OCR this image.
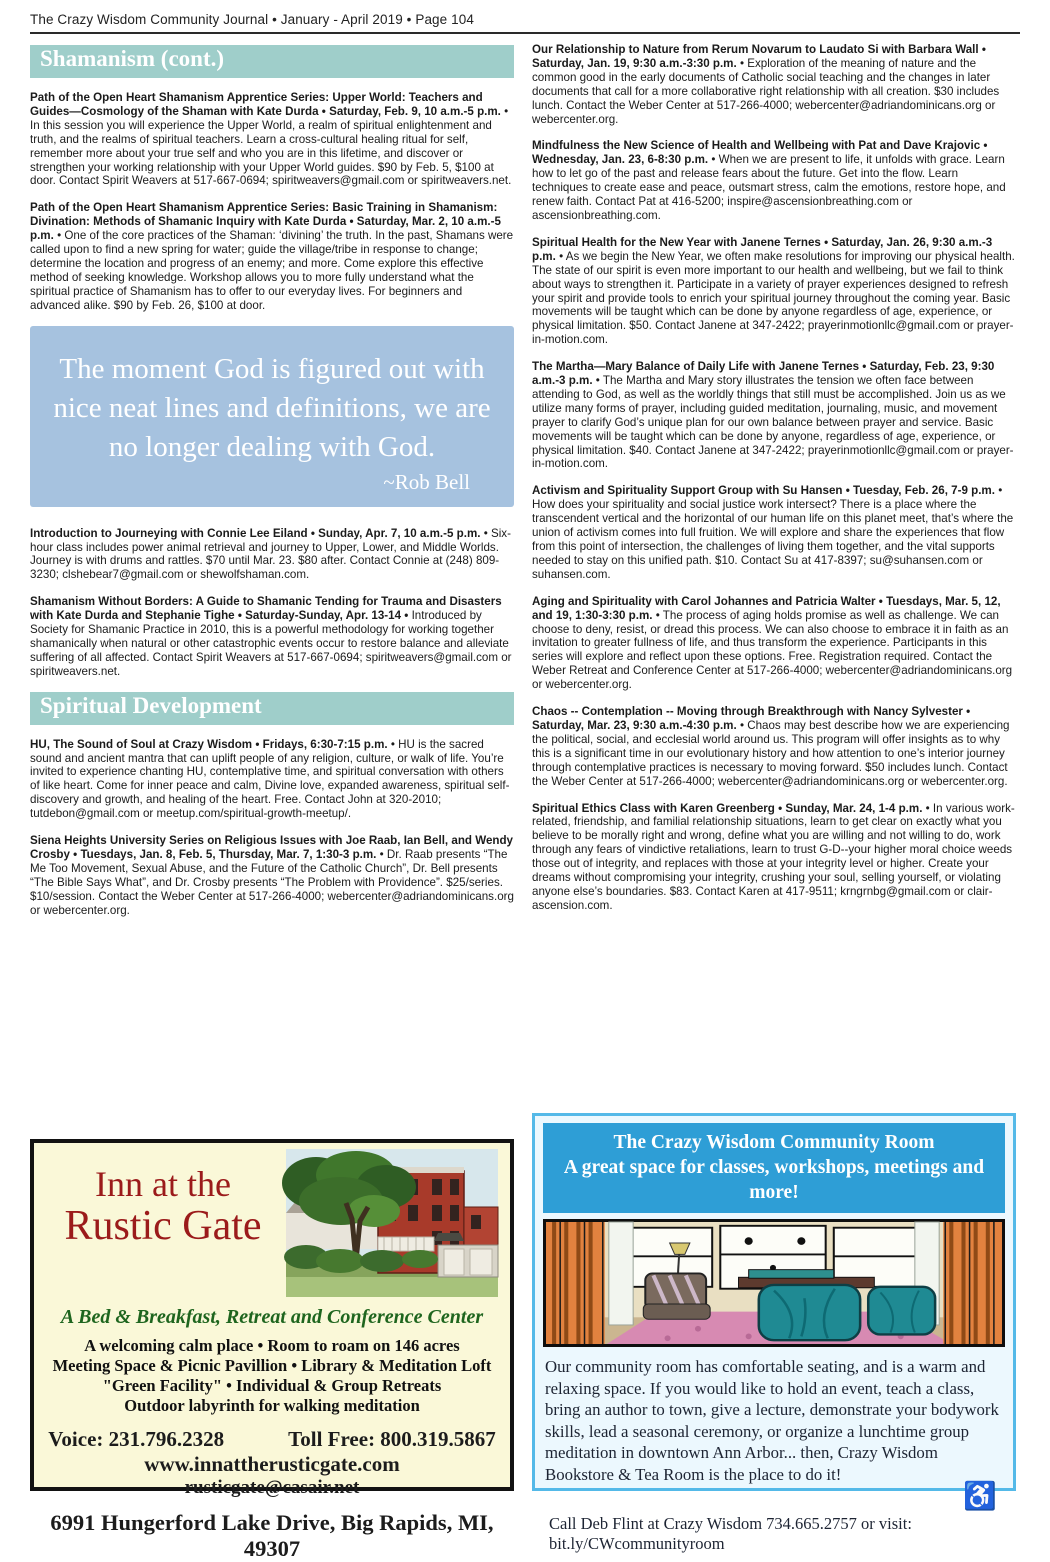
The Crazy Wisdom Community Journal • January - April 2019 • Page 104
Shamanism (cont.)

Path of the Open Heart Shamanism Apprentice Series: Upper World: Teachers and Guides—Cosmology of the Shaman with Kate Durda • Saturday, Feb. 9, 10 a.m.-5 p.m. • In this session you will experience the Upper World, a realm of spiritual enlightenment and truth, and the realms of spiritual teachers. Learn a cross-cultural healing ritual for self, remember more about your true self and who you are in this lifetime, and discover or strengthen your working relationship with your Upper World guides. $90 by Feb. 5, $100 at door. Contact Spirit Weavers at 517-667-0694; spiritweavers@gmail.com or spiritweavers.net.

Path of the Open Heart Shamanism Apprentice Series: Basic Training in Shamanism: Divination: Methods of Shamanic Inquiry with Kate Durda • Saturday, Mar. 2, 10 a.m.-5 p.m. • One of the core practices of the Shaman: ‘divining’ the truth. In the past, Shamans were called upon to find a new spring for water; guide the village/tribe in response to change; determine the location and progress of an enemy; and more. Come explore this effective method of seeking knowledge. Workshop allows you to more fully understand what the spiritual practice of Shamanism has to offer to our everyday lives. For beginners and advanced alike. $90 by Feb. 26, $100 at door.

The moment God is figured out with nice neat lines and definitions, we are no longer dealing with God.
~Rob Bell

Introduction to Journeying with Connie Lee Eiland • Sunday, Apr. 7, 10 a.m.-5 p.m. • Six-hour class includes power animal retrieval and journey to Upper, Lower, and Middle Worlds. Journey is with drums and rattles. $70 until Mar. 23. $80 after. Contact Connie at (248) 809-3230; clshebear7@gmail.com or shewolfshaman.com.

Shamanism Without Borders: A Guide to Shamanic Tending for Trauma and Disasters with Kate Durda and Stephanie Tighe • Saturday-Sunday, Apr. 13-14 • Introduced by Society for Shamanic Practice in 2010, this is a powerful methodology for working together shamanically when natural or other catastrophic events occur to restore balance and alleviate suffering of all affected. Contact Spirit Weavers at 517-667-0694; spiritweavers@gmail.com or spiritweavers.net.

Spiritual Development

HU, The Sound of Soul at Crazy Wisdom • Fridays, 6:30-7:15 p.m. • HU is the sacred sound and ancient mantra that can uplift people of any religion, culture, or walk of life. You’re invited to experience chanting HU, contemplative time, and spiritual conversation with others of like heart. Come for inner peace and calm, Divine love, expanded awareness, spiritual self-discovery and growth, and healing of the heart. Free. Contact John at 320-2010; tutdebon@gmail.com or meetup.com/spiritual-growth-meetup/.

Siena Heights University Series on Religious Issues with Joe Raab, Ian Bell, and Wendy Crosby • Tuesdays, Jan. 8, Feb. 5, Thursday, Mar. 7, 1:30-3 p.m. • Dr. Raab presents “The Me Too Movement, Sexual Abuse, and the Future of the Catholic Church”, Dr. Bell presents “The Bible Says What”, and Dr. Crosby presents “The Problem with Providence”. $25/series. $10/session. Contact the Weber Center at 517-266-4000; webercenter@adriandominicans.org or webercenter.org.

Inn at the
Rustic Gate
A Bed & Breakfast, Retreat and Conference Center
A welcoming calm place • Room to roam on 146 acres
Meeting Space & Picnic Pavillion • Library & Meditation Loft
"Green Facility" • Individual & Group Retreats
Outdoor labyrinth for walking meditation
Voice: 231.796.2328	Toll Free: 800.319.5867
www.innattherusticgate.com
rusticgate@casair.net
6991 Hungerford Lake Drive, Big Rapids, MI, 49307

Our Relationship to Nature from Rerum Novarum to Laudato Si with Barbara Wall • Saturday, Jan. 19, 9:30 a.m.-3:30 p.m. • Exploration of the meaning of nature and the common good in the early documents of Catholic social teaching and the changes in later documents that call for a more collaborative right relationship with all creation. $30 includes lunch. Contact the Weber Center at 517-266-4000; webercenter@adriandominicans.org or webercenter.org.

Mindfulness the New Science of Health and Wellbeing with Pat and Dave Krajovic • Wednesday, Jan. 23, 6-8:30 p.m. • When we are present to life, it unfolds with grace. Learn how to let go of the past and release fears about the future. Get into the flow. Learn techniques to create ease and peace, outsmart stress, calm the emotions, restore hope, and renew faith. Contact Pat at 416-5200; inspire@ascensionbreathing.com or ascensionbreathing.com.

Spiritual Health for the New Year with Janene Ternes • Saturday, Jan. 26, 9:30 a.m.-3 p.m. • As we begin the New Year, we often make resolutions for improving our physical health. The state of our spirit is even more important to our health and wellbeing, but we fail to think about ways to strengthen it. Participate in a variety of prayer experiences designed to refresh your spirit and provide tools to enrich your spiritual journey throughout the coming year. Basic movements will be taught which can be done by anyone regardless of age, experience, or physical limitation. $50. Contact Janene at 347-2422; prayerinmotionllc@gmail.com or prayer-in-motion.com.

The Martha—Mary Balance of Daily Life with Janene Ternes • Saturday, Feb. 23, 9:30 a.m.-3 p.m. • The Martha and Mary story illustrates the tension we often face between attending to God, as well as the worldly things that still must be accomplished. Join us as we utilize many forms of prayer, including guided meditation, journaling, music, and movement prayer to clarify God’s unique plan for our own balance between prayer and service. Basic movements will be taught which can be done by anyone, regardless of age, experience, or physical limitation. $40. Contact Janene at 347-2422; prayerinmotionllc@gmail.com or prayer-in-motion.com.

Activism and Spirituality Support Group with Su Hansen • Tuesday, Feb. 26, 7-9 p.m. • How does your spirituality and social justice work intersect? There is a place where the transcendent vertical and the horizontal of our human life on this planet meet, that’s where the union of activism comes into full fruition. We will explore and share the experiences that flow from this point of intersection, the challenges of living them together, and the vital supports needed to stay on this unified path. $10. Contact Su at 417-8397; su@suhansen.com or suhansen.com.

Aging and Spirituality with Carol Johannes and Patricia Walter • Tuesdays, Mar. 5, 12, and 19, 1:30-3:30 p.m. • The process of aging holds promise as well as challenge. We can choose to deny, resist, or dread this process. We can also choose to embrace it in faith as an invitation to greater fullness of life, and thus transform the experience. Participants in this series will explore and reflect upon these options. Free. Registration required. Contact the Weber Retreat and Conference Center at 517-266-4000; webercenter@adriandominicans.org or webercenter.org.

Chaos -- Contemplation -- Moving through Breakthrough with Nancy Sylvester • Saturday, Mar. 23, 9:30 a.m.-4:30 p.m. • Chaos may best describe how we are experiencing the political, social, and ecclesial world around us. This program will offer insights as to why this is a significant time in our evolutionary history and how attention to one’s interior journey through contemplative practices is necessary to moving forward. $50 includes lunch. Contact the Weber Center at 517-266-4000; webercenter@adriandominicans.org or webercenter.org.

Spiritual Ethics Class with Karen Greenberg • Sunday, Mar. 24, 1-4 p.m. • In various work-related, friendship, and familial relationship situations, learn to get clear on exactly what you believe to be morally right and wrong, define what you are willing and not willing to do, work through any fears of vindictive retaliations, learn to trust G-D--your higher moral choice weeds those out of integrity, and replaces with those at your integrity level or higher. Create your dreams without compromising your integrity, crushing your soul, selling yourself, or violating anyone else’s boundaries. $83. Contact Karen at 417-9511; krngrnbg@gmail.com or clair-ascension.com.

The Crazy Wisdom Community Room
A great space for classes, workshops, meetings and more!
Our community room has comfortable seating, and is a warm and relaxing space. If you would like to hold an event, teach a class, bring an author to town, give a lecture, demonstrate your bodywork skills, lead a seasonal ceremony, or organize a lunchtime group meditation in downtown Ann Arbor... then, Crazy Wisdom Bookstore & Tea Room is the place to do it!
♿
Call Deb Flint at Crazy Wisdom 734.665.2757 or visit: bit.ly/CWcommunityroom
